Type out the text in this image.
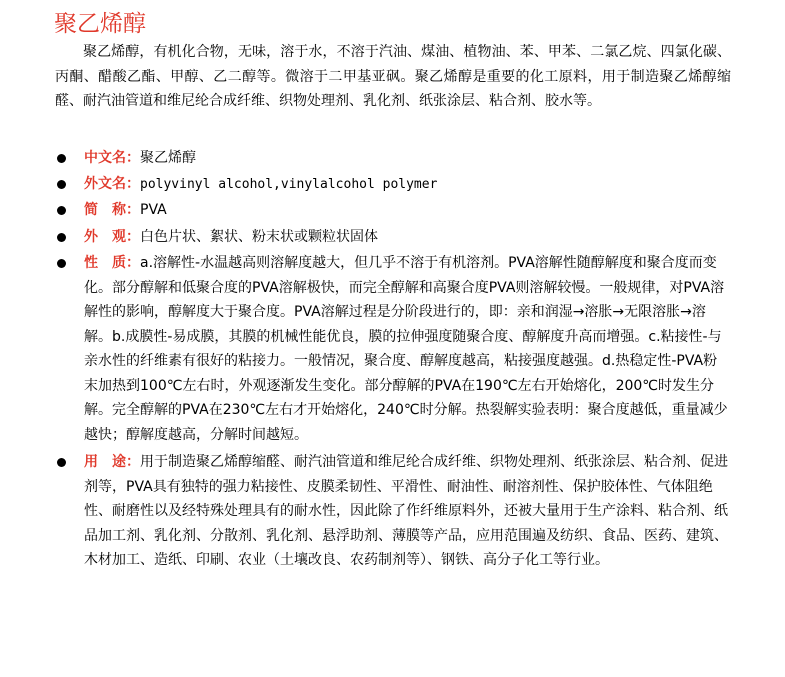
聚乙烯醇

聚乙烯醇，有机化合物，无味，溶于水，不溶于汽油、煤油、植物油、苯、甲苯、二氯乙烷、四氯化碳、丙酮、醋酸乙酯、甲醇、乙二醇等。微溶于二甲基亚砜。聚乙烯醇是重要的化工原料，用于制造聚乙烯醇缩醛、耐汽油管道和维尼纶合成纤维、织物处理剂、乳化剂、纸张涂层、粘合剂、胶水等。

中文名：聚乙烯醇
外文名：polyvinyl alcohol,vinylalcohol polymer
简　称：PVA
外　观：白色片状、絮状、粉末状或颗粒状固体
性　质：a.溶解性-水温越高则溶解度越大，但几乎不溶于有机溶剂。PVA溶解性随醇解度和聚合度而变化。部分醇解和低聚合度的PVA溶解极快，而完全醇解和高聚合度PVA则溶解较慢。一般规律，对PVA溶解性的影响，醇解度大于聚合度。PVA溶解过程是分阶段进行的，即：亲和润湿→溶胀→无限溶胀→溶解。b.成膜性-易成膜，其膜的机械性能优良，膜的拉伸强度随聚合度、醇解度升高而增强。c.粘接性-与亲水性的纤维素有很好的粘接力。一般情况，聚合度、醇解度越高，粘接强度越强。d.热稳定性-PVA粉末加热到100℃左右时，外观逐渐发生变化。部分醇解的PVA在190℃左右开始熔化，200℃时发生分解。完全醇解的PVA在230℃左右才开始熔化，240℃时分解。热裂解实验表明：聚合度越低，重量减少越快；醇解度越高，分解时间越短。
用　途：用于制造聚乙烯醇缩醛、耐汽油管道和维尼纶合成纤维、织物处理剂、纸张涂层、粘合剂、促进剂等，PVA具有独特的强力粘接性、皮膜柔韧性、平滑性、耐油性、耐溶剂性、保护胶体性、气体阻绝性、耐磨性以及经特殊处理具有的耐水性，因此除了作纤维原料外，还被大量用于生产涂料、粘合剂、纸品加工剂、乳化剂、分散剂、乳化剂、悬浮助剂、薄膜等产品，应用范围遍及纺织、食品、医药、建筑、木材加工、造纸、印刷、农业（土壤改良、农药制剂等）、钢铁、高分子化工等行业。
